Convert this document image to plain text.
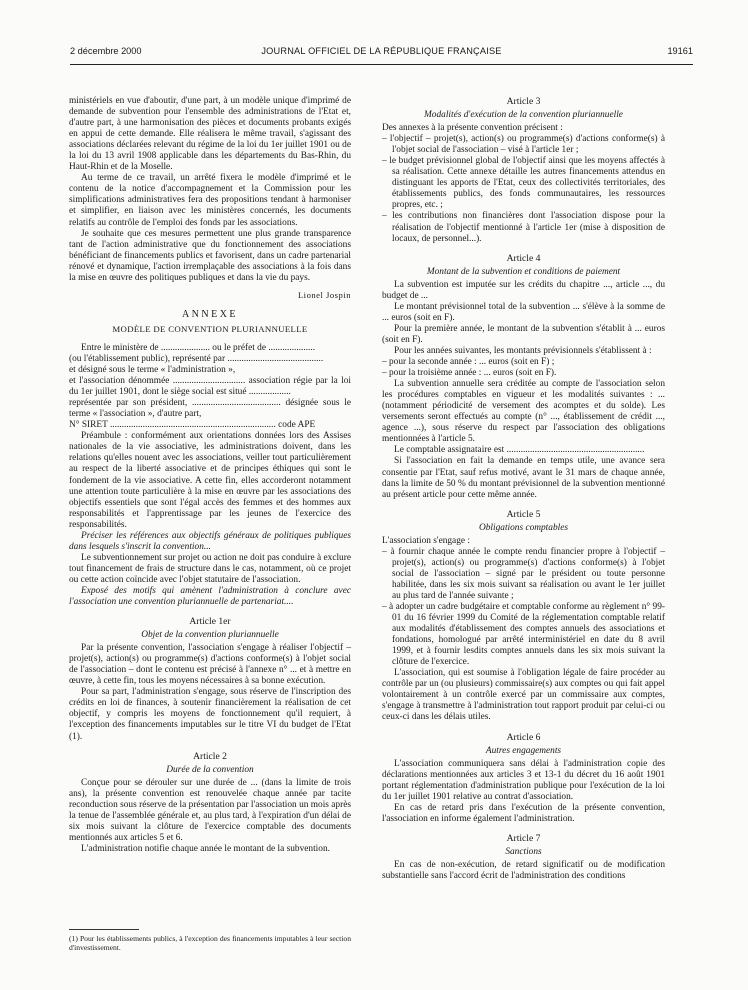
2 décembre 2000	JOURNAL OFFICIEL DE LA RÉPUBLIQUE FRANÇAISE	19161

ministériels en vue d'aboutir, d'une part, à un modèle unique d'imprimé de demande de subvention pour l'ensemble des administrations de l'Etat et, d'autre part, à une harmonisation des pièces et documents probants exigés en appui de cette demande. Elle réalisera le même travail, s'agissant des associations déclarées relevant du régime de la loi du 1er juillet 1901 ou de la loi du 13 avril 1908 applicable dans les départements du Bas-Rhin, du Haut-Rhin et de la Moselle.

Au terme de ce travail, un arrêté fixera le modèle d'imprimé et le contenu de la notice d'accompagnement et la Commission pour les simplifications administratives fera des propositions tendant à harmoniser et simplifier, en liaison avec les ministères concernés, les documents relatifs au contrôle de l'emploi des fonds par les associations.

Je souhaite que ces mesures permettent une plus grande transparence tant de l'action administrative que du fonctionnement des associations bénéficiant de financements publics et favorisent, dans un cadre partenarial rénové et dynamique, l'action irremplaçable des associations à la fois dans la mise en œuvre des politiques publiques et dans la vie du pays.

Lionel Jospin
ANNEXE
MODÈLE DE CONVENTION PLURIANNUELLE

Entre le ministère de ..................... ou le préfet de ....................

(ou l'établissement public), représenté par .........................................

et désigné sous le terme « l'administration »,

et l'association dénommée ............................... association régie par la loi du 1er juillet 1901, dont le siège social est situé ..................

représentée par son président, ...................................... désignée sous le terme « l'association », d'autre part,

N° SIRET ....................................................................... code APE

Préambule : conformément aux orientations données lors des Assises nationales de la vie associative, les administrations doivent, dans les relations qu'elles nouent avec les associations, veiller tout particulièrement au respect de la liberté associative et de principes éthiques qui sont le fondement de la vie associative. A cette fin, elles accorderont notamment une attention toute particulière à la mise en œuvre par les associations des objectifs essentiels que sont l'égal accès des femmes et des hommes aux responsabilités et l'apprentissage par les jeunes de l'exercice des responsabilités.

Préciser les références aux objectifs généraux de politiques publiques dans lesquels s'inscrit la convention...

Le subventionnement sur projet ou action ne doit pas conduire à exclure tout financement de frais de structure dans le cas, notamment, où ce projet ou cette action coïncide avec l'objet statutaire de l'association.

Exposé des motifs qui amènent l'administration à conclure avec l'association une convention pluriannuelle de partenariat....

Article 1er
Objet de la convention pluriannuelle

Par la présente convention, l'association s'engage à réaliser l'objectif – projet(s), action(s) ou programme(s) d'actions conforme(s) à l'objet social de l'association – dont le contenu est précisé à l'annexe n° ... et à mettre en œuvre, à cette fin, tous les moyens nécessaires à sa bonne exécution.

Pour sa part, l'administration s'engage, sous réserve de l'inscription des crédits en loi de finances, à soutenir financièrement la réalisation de cet objectif, y compris les moyens de fonctionnement qu'il requiert, à l'exception des financements imputables sur le titre VI du budget de l'Etat (1).

Article 2
Durée de la convention

Conçue pour se dérouler sur une durée de ... (dans la limite de trois ans), la présente convention est renouvelée chaque année par tacite reconduction sous réserve de la présentation par l'association un mois après la tenue de l'assemblée générale et, au plus tard, à l'expiration d'un délai de six mois suivant la clôture de l'exercice comptable des documents mentionnés aux articles 5 et 6.

L'administration notifie chaque année le montant de la subvention.

(1) Pour les établissements publics, à l'exception des financements imputables à leur section d'investissement.
Article 3
Modalités d'exécution de la convention pluriannuelle

Des annexes à la présente convention précisent :

– l'objectif – projet(s), action(s) ou programme(s) d'actions conforme(s) à l'objet social de l'association – visé à l'article 1er ;
– le budget prévisionnel global de l'objectif ainsi que les moyens affectés à sa réalisation. Cette annexe détaille les autres financements attendus en distinguant les apports de l'Etat, ceux des collectivités territoriales, des établissements publics, des fonds communautaires, les ressources propres, etc. ;
– les contributions non financières dont l'association dispose pour la réalisation de l'objectif mentionné à l'article 1er (mise à disposition de locaux, de personnel...).
Article 4
Montant de la subvention et conditions de paiement

La subvention est imputée sur les crédits du chapitre ..., article ..., du budget de ...

Le montant prévisionnel total de la subvention ... s'élève à la somme de ... euros (soit en F).

Pour la première année, le montant de la subvention s'établit à ... euros (soit en F).

Pour les années suivantes, les montants prévisionnels s'établissent à :

– pour la seconde année : ... euros (soit en F) ;
– pour la troisième année : ... euros (soit en F).

La subvention annuelle sera créditée au compte de l'association selon les procédures comptables en vigueur et les modalités suivantes : ... (notamment périodicité de versement des acomptes et du solde). Les versements seront effectués au compte (n° ..., établissement de crédit ..., agence ...), sous réserve du respect par l'association des obligations mentionnées à l'article 5.

Le comptable assignataire est ...........................................................

Si l'association en fait la demande en temps utile, une avance sera consentie par l'Etat, sauf refus motivé, avant le 31 mars de chaque année, dans la limite de 50 % du montant prévisionnel de la subvention mentionné au présent article pour cette même année.

Article 5
Obligations comptables

L'association s'engage :

– à fournir chaque année le compte rendu financier propre à l'objectif – projet(s), action(s) ou programme(s) d'actions conforme(s) à l'objet social de l'association – signé par le président ou toute personne habilitée, dans les six mois suivant sa réalisation ou avant le 1er juillet au plus tard de l'année suivante ;
– à adopter un cadre budgétaire et comptable conforme au règlement n° 99-01 du 16 février 1999 du Comité de la réglementation comptable relatif aux modalités d'établissement des comptes annuels des associations et fondations, homologué par arrêté interministériel en date du 8 avril 1999, et à fournir lesdits comptes annuels dans les six mois suivant la clôture de l'exercice.

L'association, qui est soumise à l'obligation légale de faire procéder au contrôle par un (ou plusieurs) commissaire(s) aux comptes ou qui fait appel volontairement à un contrôle exercé par un commissaire aux comptes, s'engage à transmettre à l'administration tout rapport produit par celui-ci ou ceux-ci dans les délais utiles.

Article 6
Autres engagements

L'association communiquera sans délai à l'administration copie des déclarations mentionnées aux articles 3 et 13-1 du décret du 16 août 1901 portant réglementation d'administration publique pour l'exécution de la loi du 1er juillet 1901 relative au contrat d'association.

En cas de retard pris dans l'exécution de la présente convention, l'association en informe également l'administration.

Article 7
Sanctions

En cas de non-exécution, de retard significatif ou de modification substantielle sans l'accord écrit de l'administration des conditions
